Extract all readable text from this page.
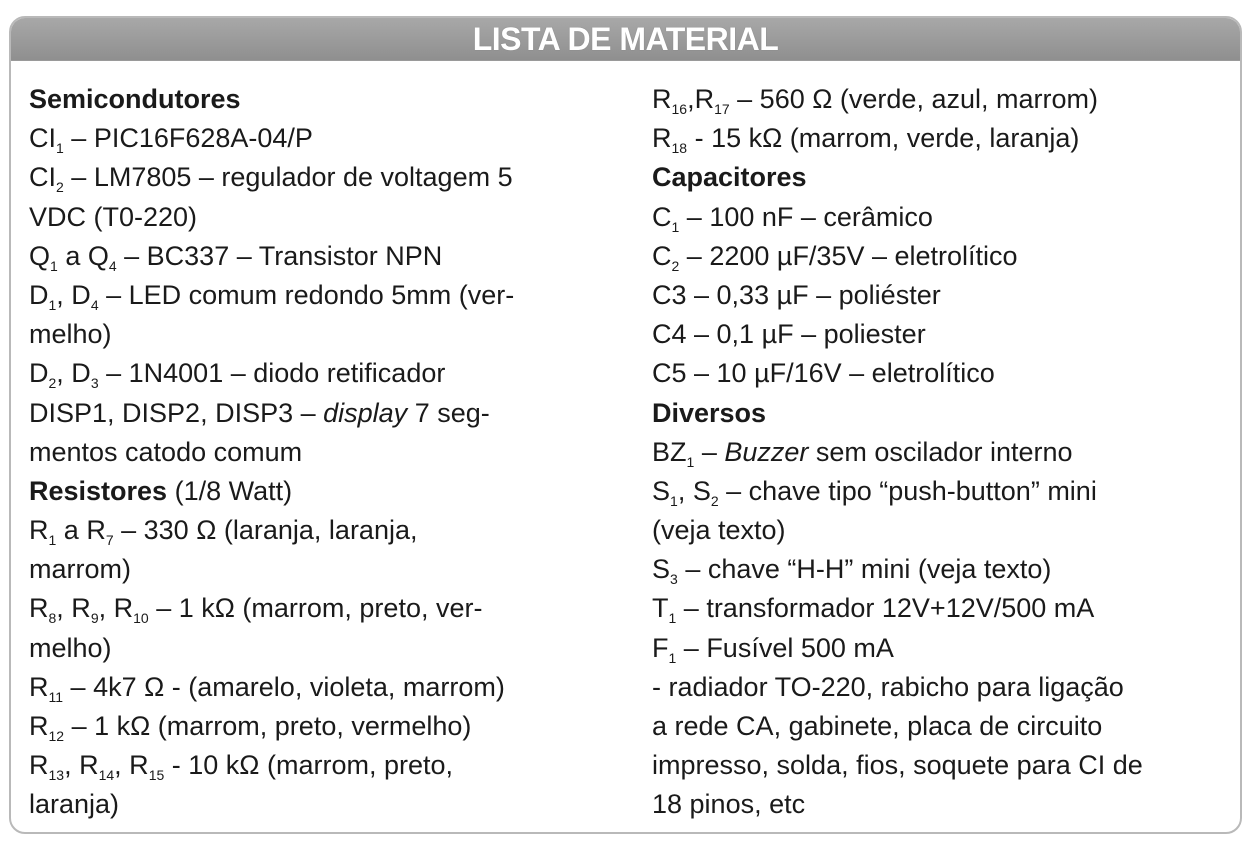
LISTA DE MATERIAL
Semicondutores
$CI_1 - PIC16F628A-04/P$
$CI_2 - LM7805$ – regulador de voltagem 5
VDC (T0-220)
$Q_1$ a $Q_4 - BC337$ – Transistor NPN
$D_1$, $D_4$ – LED comum redondo 5mm (ver-
melho)
$D_2$, $D_3 - 1N4001$ – diodo retificador
DISP1, DISP2, DISP3 – display 7 seg-
mentos catodo comum
Resistores (1/8 Watt)
$R_1$ a $R_7 - 330$ Ω (laranja, laranja,
marrom)
$R_8$, $R_9$, $R_{10} - 1$ kΩ (marrom, preto, ver-
melho)
$R_{11} - 4k7$ Ω - (amarelo, violeta, marrom)
$R_{12} - 1$ kΩ (marrom, preto, vermelho)
$R_{13}$, $R_{14}$, $R_{15} - 10$ kΩ (marrom, preto,
laranja)
$R_{16},R_{17} - 560$ Ω (verde, azul, marrom)
$R_{18} - 15$ kΩ (marrom, verde, laranja)
Capacitores
$C_1 - 100$ nF – cerâmico
$C_2 - 2200$ µF/35V – eletrolítico
C3 – 0,33 µF – poliéster
C4 – 0,1 µF – poliester
C5 – 10 µF/16V – eletrolítico
Diversos
$BZ_1$ – Buzzer sem oscilador interno
$S_1$, $S_2$ – chave tipo “push-button” mini
(veja texto)
$S_3$ – chave “H-H” mini (veja texto)
$T_1$ – transformador 12V+12V/500 mA
$F_1$ – Fusível 500 mA
- radiador TO-220, rabicho para ligação
a rede CA, gabinete, placa de circuito
impresso, solda, fios, soquete para CI de
18 pinos, etc
